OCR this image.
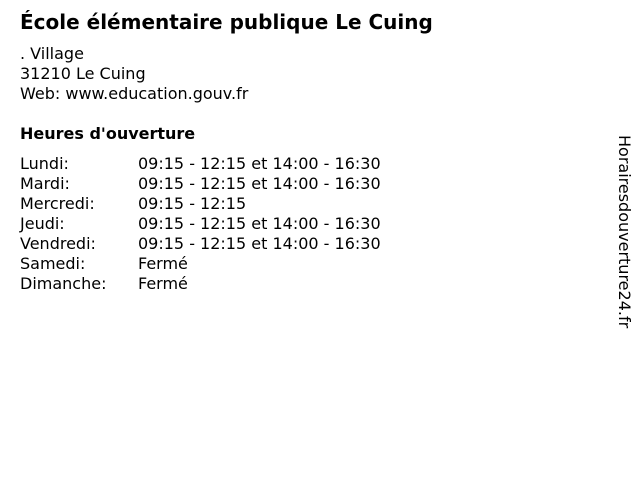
École élémentaire publique Le Cuing
. Village
31210 Le Cuing
Web: www.education.gouv.fr
Heures d'ouverture
Lundi:	09:15 - 12:15 et 14:00 - 16:30
Mardi:	09:15 - 12:15 et 14:00 - 16:30
Mercredi:	09:15 - 12:15
Jeudi:	09:15 - 12:15 et 14:00 - 16:30
Vendredi:	09:15 - 12:15 et 14:00 - 16:30
Samedi:	Fermé
Dimanche: Fermé	Horairesdouverture24.fr
